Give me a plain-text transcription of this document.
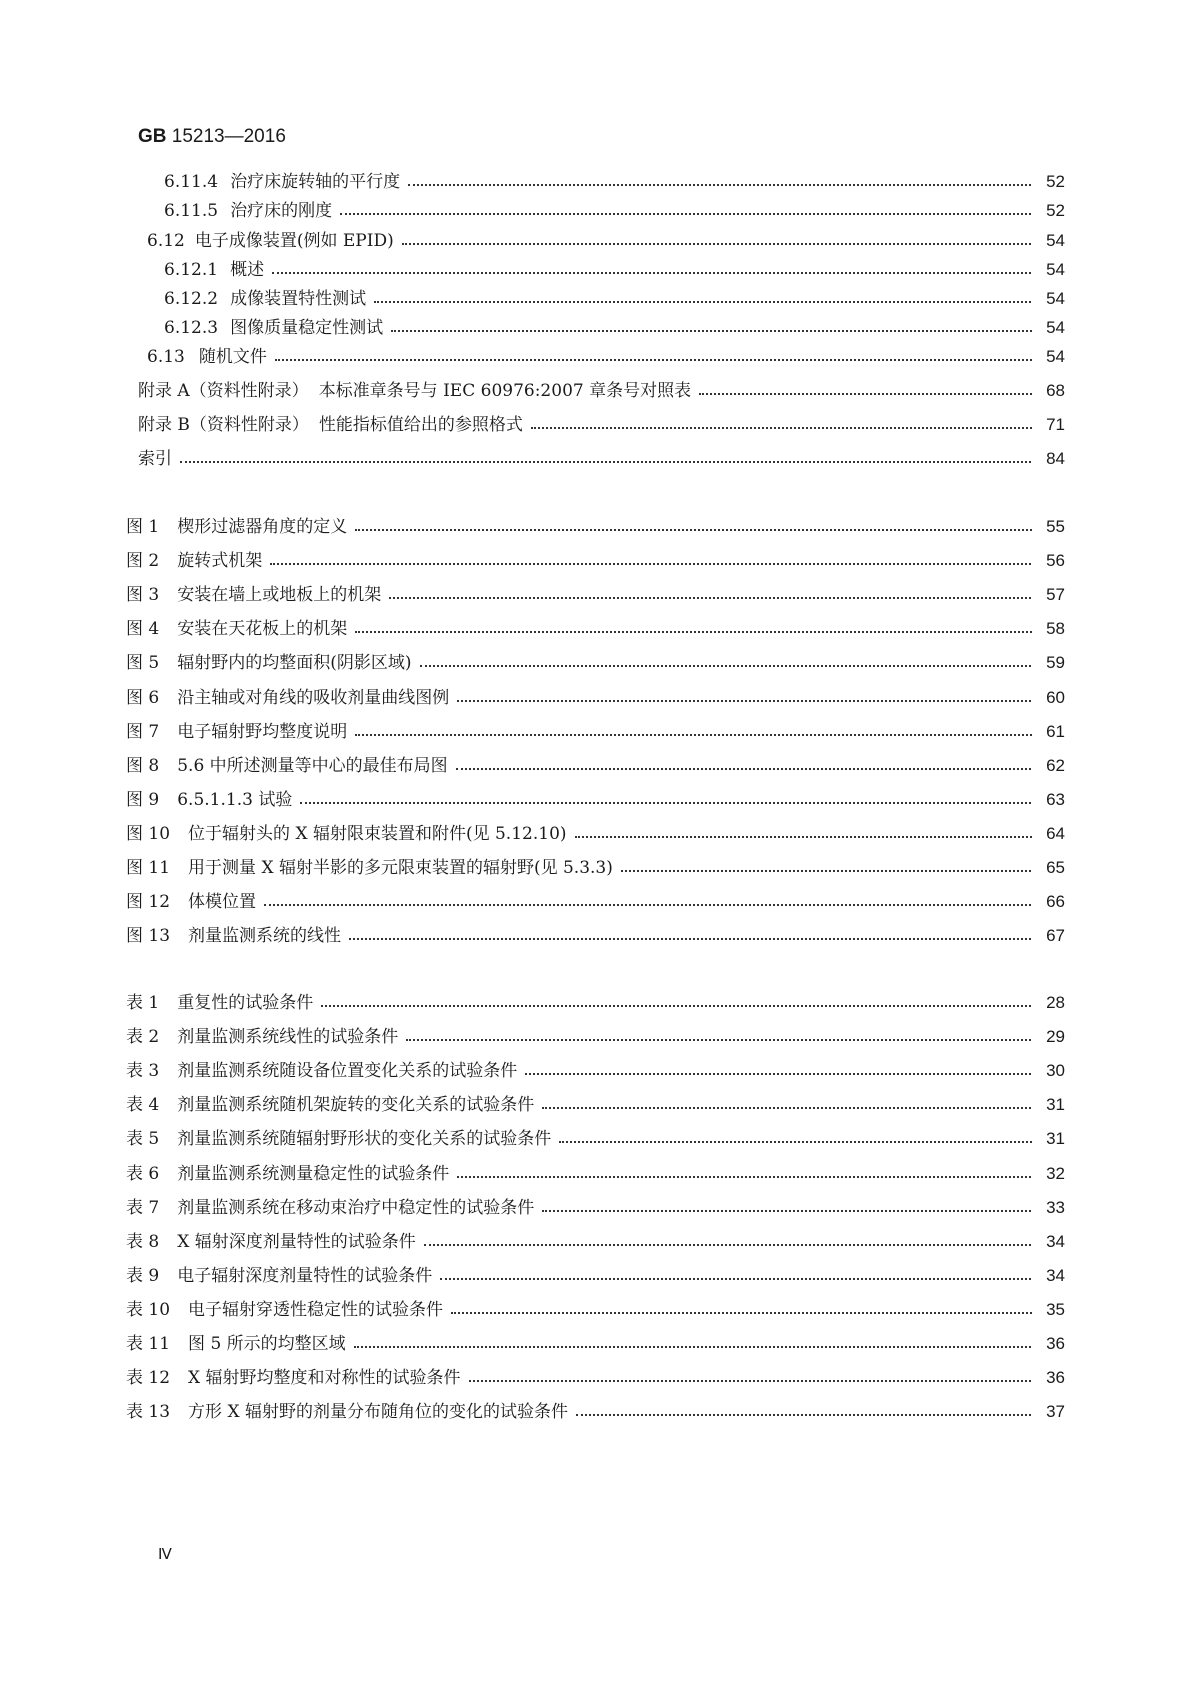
GB 15213—2016
6.11.4 治疗床旋转轴的平行度	52
6.11.5 治疗床的刚度	52
6.12 电子成像装置(例如 EPID)	54
6.12.1 概述	54
6.12.2 成像装置特性测试	54
6.12.3 图像质量稳定性测试	54
6.13 随机文件	54
附录 A（资料性附录） 本标准章条号与 IEC 60976:2007 章条号对照表	68
附录 B（资料性附录） 性能指标值给出的参照格式	71
索引	84
图 1 楔形过滤器角度的定义	55
图 2 旋转式机架	56
图 3 安装在墙上或地板上的机架	57
图 4 安装在天花板上的机架	58
图 5 辐射野内的均整面积(阴影区域)	59
图 6 沿主轴或对角线的吸收剂量曲线图例	60
图 7 电子辐射野均整度说明	61
图 8 5.6 中所述测量等中心的最佳布局图	62
图 9 6.5.1.1.3 试验	63
图 10 位于辐射头的 X 辐射限束装置和附件(见 5.12.10)	64
图 11 用于测量 X 辐射半影的多元限束装置的辐射野(见 5.3.3)	65
图 12 体模位置	66
图 13 剂量监测系统的线性	67
表 1 重复性的试验条件	28
表 2 剂量监测系统线性的试验条件	29
表 3 剂量监测系统随设备位置变化关系的试验条件	30
表 4 剂量监测系统随机架旋转的变化关系的试验条件	31
表 5 剂量监测系统随辐射野形状的变化关系的试验条件	31
表 6 剂量监测系统测量稳定性的试验条件	32
表 7 剂量监测系统在移动束治疗中稳定性的试验条件	33
表 8 X 辐射深度剂量特性的试验条件	34
表 9 电子辐射深度剂量特性的试验条件	34
表 10 电子辐射穿透性稳定性的试验条件	35
表 11 图 5 所示的均整区域	36
表 12 X 辐射野均整度和对称性的试验条件	36
表 13 方形 X 辐射野的剂量分布随角位的变化的试验条件	37
Ⅳ
